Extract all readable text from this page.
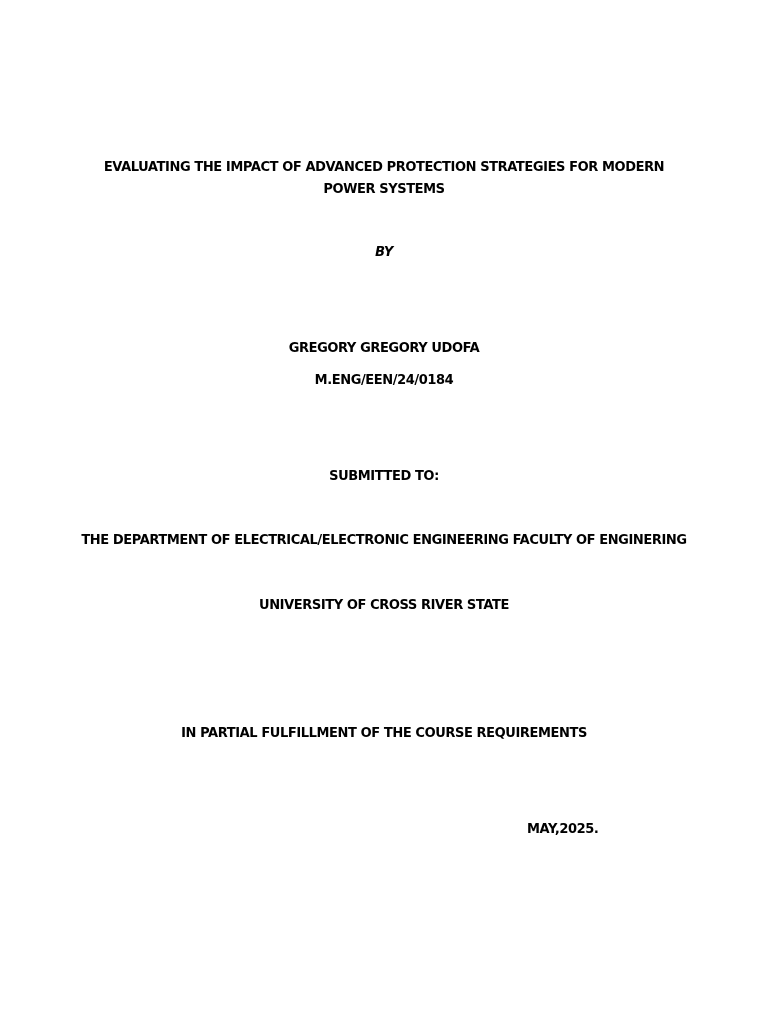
EVALUATING THE IMPACT OF ADVANCED PROTECTION STRATEGIES FOR MODERN POWER SYSTEMS
BY
GREGORY GREGORY UDOFA
M.ENG/EEN/24/0184
SUBMITTED TO:
THE DEPARTMENT OF ELECTRICAL/ELECTRONIC ENGINEERING FACULTY OF ENGINERING
UNIVERSITY OF CROSS RIVER STATE
IN PARTIAL FULFILLMENT OF THE COURSE REQUIREMENTS
MAY,2025.
